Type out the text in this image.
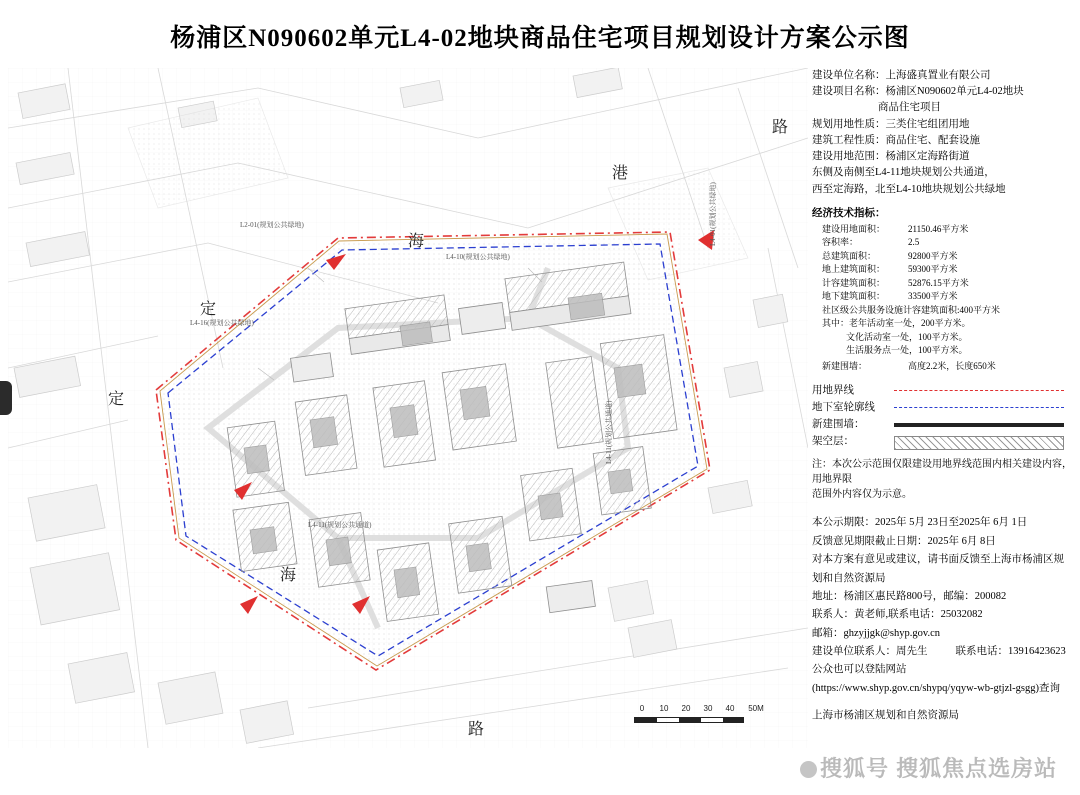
杨浦区N090602单元L4-02地块商品住宅项目规划设计方案公示图
定
海
定
路
海
港
路
L4-01(规划公共绿地)
L2-01(规划公共绿地)
L4-10(规划公共绿地)
L4-16(规划公共绿地)
L4-11(规划公共通道)
L4-11(规划公共通道)
0 10 20 30 40 50M
建设单位名称： 上海盛真置业有限公司
建设项目名称： 杨浦区N090602单元L4-02地块
商品住宅项目
规划用地性质： 三类住宅组团用地
建筑工程性质： 商品住宅、配套设施
建设用地范围： 杨浦区定海路街道
东侧及南侧至L4-11地块规划公共通道，
西至定海路，北至L4-10地块规划公共绿地
经济技术指标：
建设用地面积：	21150.46平方米
容积率：	2.5
总建筑面积：	92800平方米
地上建筑面积：	59300平方米
计容建筑面积：	52876.15平方米
地下建筑面积：	33500平方米
社区级公共服务设施计容建筑面积:400平方米
其中：老年活动室一处，200平方米。
文化活动室一处，100平方米。
生活服务点一处，100平方米。
新建围墙：	高度2.2米，长度650米
用地界线
地下室轮廓线
新建围墙：
架空层：
注：本次公示范围仅限建设用地界线范围内相关建设内容，用地界限
范围外内容仅为示意。
本公示期限：2025年 5月 23日至2025年 6月 1日
反馈意见期限截止日期：2025年 6月 8日
对本方案有意见或建议，请书面反馈至上海市杨浦区规划和自然资源局
地址：杨浦区惠民路800号，邮编：200082
联系人：黄老师,联系电话：25032082
邮箱：ghzyjjgk@shyp.gov.cn
建设单位联系人：周先生	联系电话：13916423623
公众也可以登陆网站
(https://www.shyp.gov.cn/shypq/yqyw-wb-gtjzl-gsgg)查询
上海市杨浦区规划和自然资源局
搜狐号 搜狐焦点选房站
